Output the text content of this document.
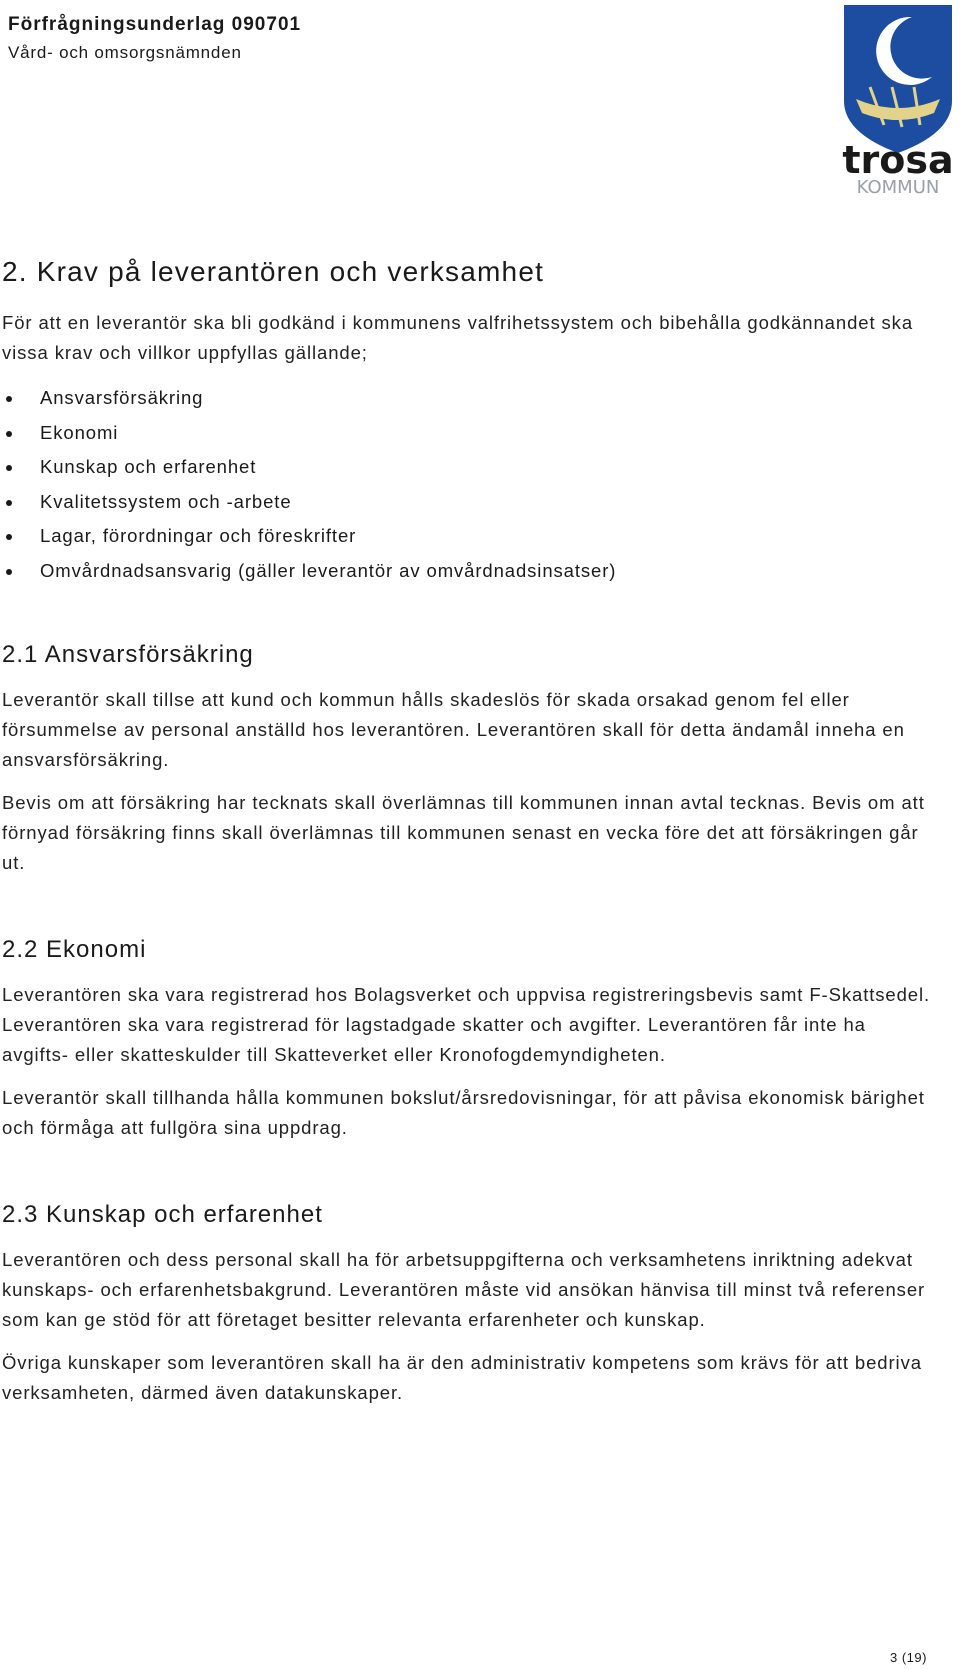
Förfrågningsunderlag 090701
Vård- och omsorgsnämnden
trosa
KOMMUN
2. Krav på leverantören och verksamhet

För att en leverantör ska bli godkänd i kommunens valfrihetssystem och bibehålla godkännandet ska vissa krav och villkor uppfyllas gällande;

Ansvarsförsäkring
Ekonomi
Kunskap och erfarenhet
Kvalitetssystem och -arbete
Lagar, förordningar och föreskrifter
Omvårdnadsansvarig (gäller leverantör av omvårdnadsinsatser)
2.1 Ansvarsförsäkring

Leverantör skall tillse att kund och kommun hålls skadeslös för skada orsakad genom fel eller försummelse av personal anställd hos leverantören. Leverantören skall för detta ändamål inneha en ansvarsförsäkring.

Bevis om att försäkring har tecknats skall överlämnas till kommunen innan avtal tecknas. Bevis om att förnyad försäkring finns skall överlämnas till kommunen senast en vecka före det att försäkringen går ut.

2.2 Ekonomi

Leverantören ska vara registrerad hos Bolagsverket och uppvisa registreringsbevis samt F-Skattsedel. Leverantören ska vara registrerad för lagstadgade skatter och avgifter. Leverantören får inte ha avgifts- eller skatteskulder till Skatteverket eller Kronofogdemyndigheten.

Leverantör skall tillhanda hålla kommunen bokslut/årsredovisningar, för att påvisa ekonomisk bärighet och förmåga att fullgöra sina uppdrag.

2.3 Kunskap och erfarenhet

Leverantören och dess personal skall ha för arbetsuppgifterna och verksamhetens inriktning adekvat kunskaps- och erfarenhetsbakgrund. Leverantören måste vid ansökan hänvisa till minst två referenser som kan ge stöd för att företaget besitter relevanta erfarenheter och kunskap.

Övriga kunskaper som leverantören skall ha är den administrativ kompetens som krävs för att bedriva verksamheten, därmed även datakunskaper.

3 (19)
